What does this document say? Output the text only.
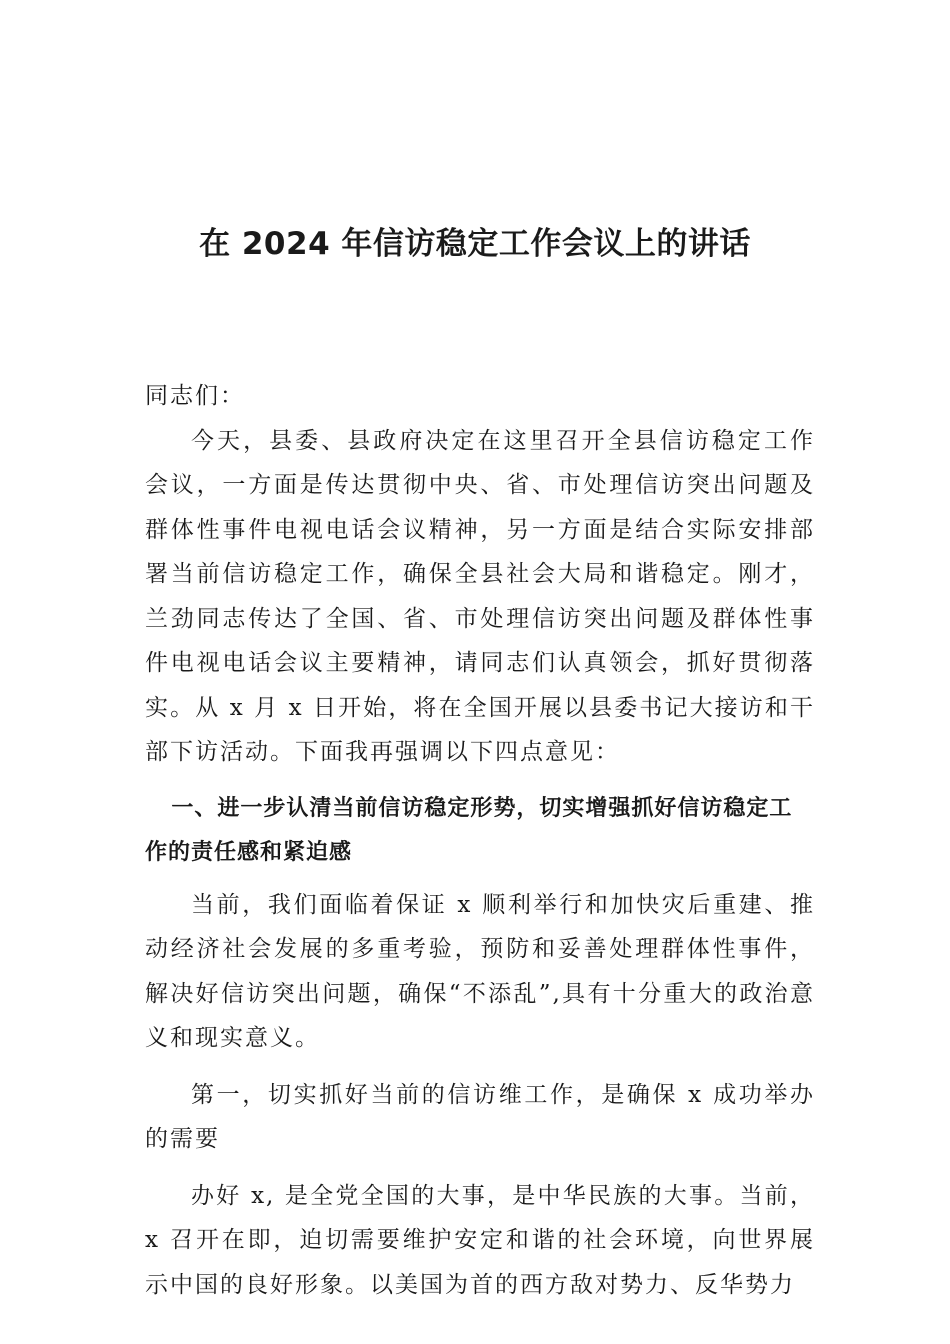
在 2024 年信访稳定工作会议上的讲话

同志们：

今天，县委、县政府决定在这里召开全县信访稳定工作会议，一方面是传达贯彻中央、省、市处理信访突出问题及群体性事件电视电话会议精神，另一方面是结合实际安排部署当前信访稳定工作，确保全县社会大局和谐稳定。刚才，兰劲同志传达了全国、省、市处理信访突出问题及群体性事件电视电话会议主要精神，请同志们认真领会，抓好贯彻落实。从 x 月 x 日开始，将在全国开展以县委书记大接访和干 部下访活动。下面我再强调以下四点意见：

一、进一步认清当前信访稳定形势，切实增强抓好信访稳定工作的责任感和紧迫感

当前，我们面临着保证 x 顺利举行和加快灾后重建、推动经济社会发展的多重考验，预防和妥善处理群体性事件，解决好信访突出问题，确保“不添乱”,具有十分重大的政治意义和现实意义。

第一，切实抓好当前的信访维工作，是确保 x 成功举办 的需要

办好 x, 是全党全国的大事，是中华民族的大事。当前， x 召开在即，迫切需要维护安定和谐的社会环境，向世界展 示中国的良好形象。以美国为首的西方敌对势力、反华势力
